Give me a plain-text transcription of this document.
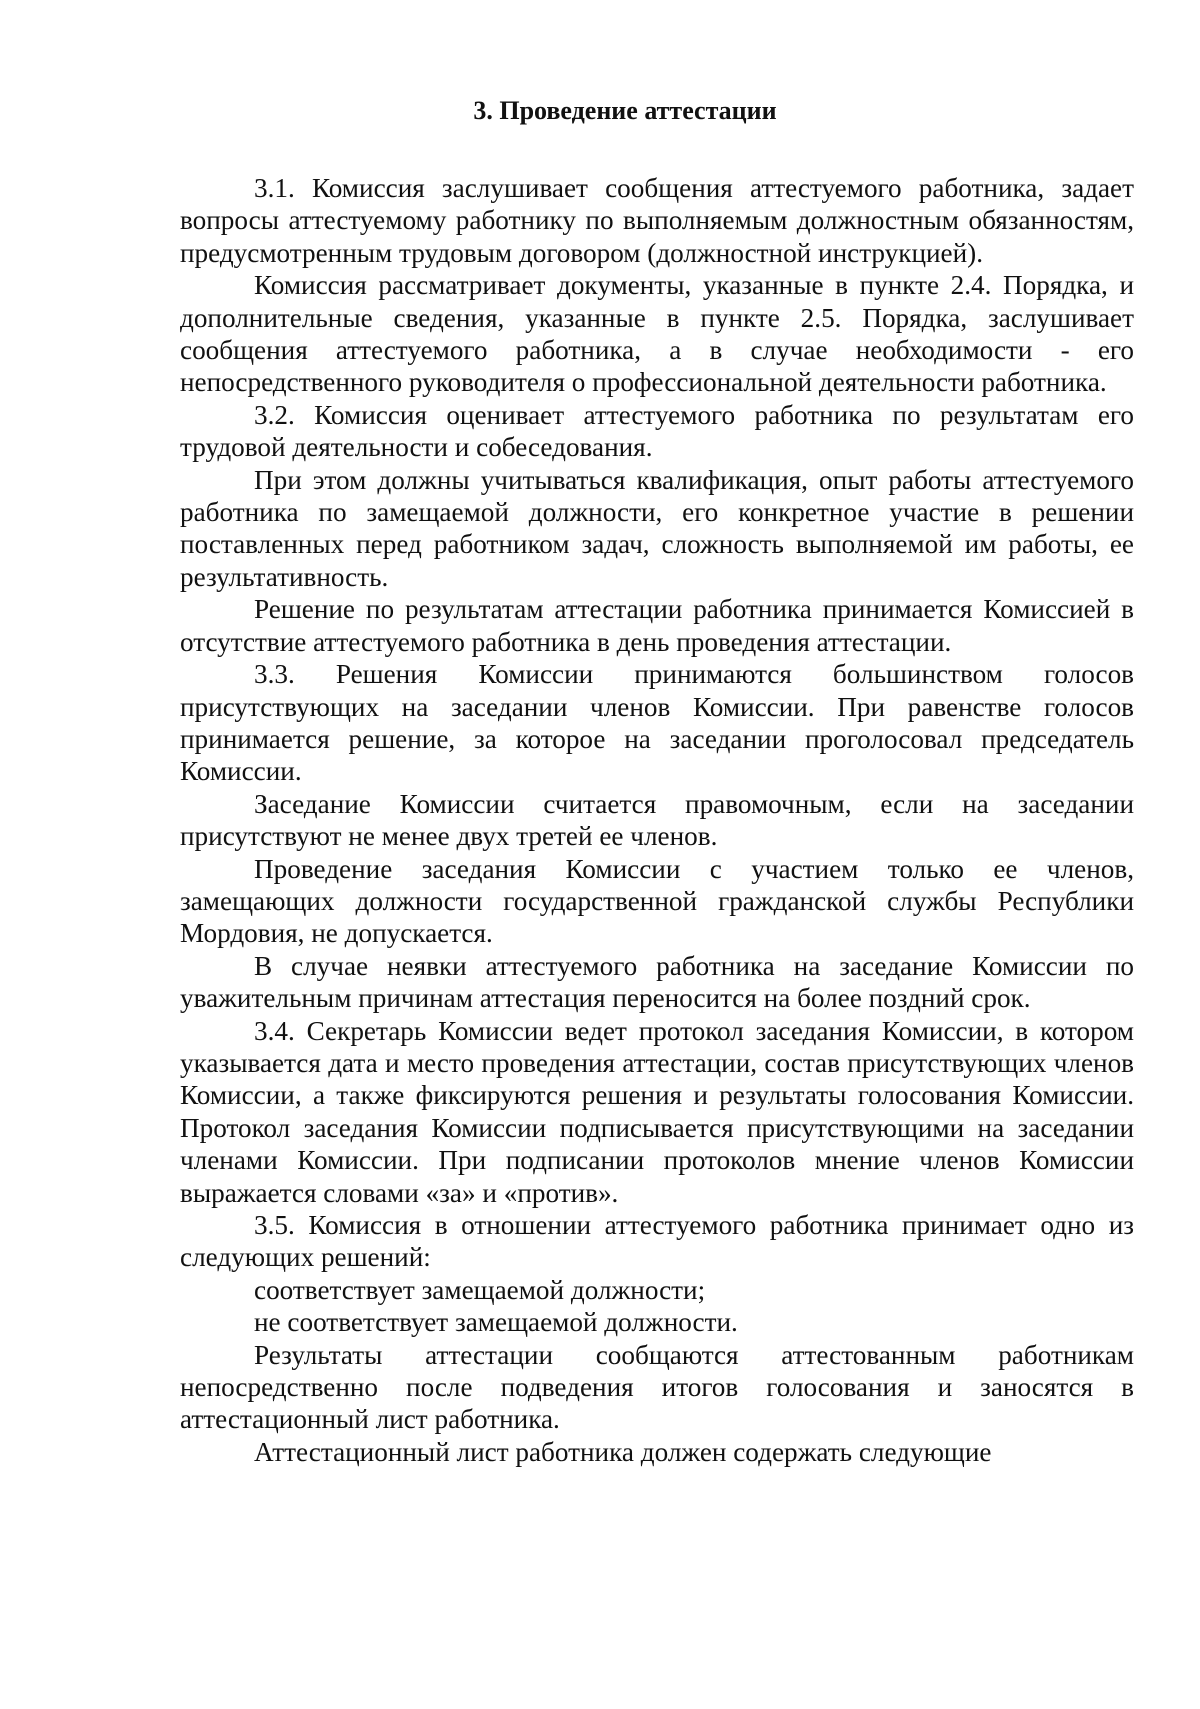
3. Проведение аттестации

3.1. Комиссия заслушивает сообщения аттестуемого работника, задает вопросы аттестуемому работнику по выполняемым должностным обязанностям, предусмотренным трудовым договором (должностной инструкцией).

Комиссия рассматривает документы, указанные в пункте 2.4. Порядка, и дополнительные сведения, указанные в пункте 2.5. Порядка, заслушивает сообщения аттестуемого работника, а в случае необходимости - его непосредственного руководителя о профессиональной деятельности работника.

3.2. Комиссия оценивает аттестуемого работника по результатам его трудовой деятельности и собеседования.

При этом должны учитываться квалификация, опыт работы аттестуемого работника по замещаемой должности, его конкретное участие в решении поставленных перед работником задач, сложность выполняемой им работы, ее результативность.

Решение по результатам аттестации работника принимается Комиссией в отсутствие аттестуемого работника в день проведения аттестации.

3.3. Решения Комиссии принимаются большинством голосов присутствующих на заседании членов Комиссии. При равенстве голосов принимается решение, за которое на заседании проголосовал председатель Комиссии.

Заседание Комиссии считается правомочным, если на заседании присутствуют не менее двух третей ее членов.

Проведение заседания Комиссии с участием только ее членов, замещающих должности государственной гражданской службы Республики Мордовия, не допускается.

В случае неявки аттестуемого работника на заседание Комиссии по уважительным причинам аттестация переносится на более поздний срок.

3.4. Секретарь Комиссии ведет протокол заседания Комиссии, в котором указывается дата и место проведения аттестации, состав присутствующих членов Комиссии, а также фиксируются решения и результаты голосования Комиссии. Протокол заседания Комиссии подписывается присутствующими на заседании членами Комиссии. При подписании протоколов мнение членов Комиссии выражается словами «за» и «против».

3.5. Комиссия в отношении аттестуемого работника принимает одно из следующих решений:

соответствует замещаемой должности;

не соответствует замещаемой должности.

Результаты аттестации сообщаются аттестованным работникам непосредственно после подведения итогов голосования и заносятся в аттестационный лист работника.

Аттестационный лист работника должен содержать следующие
